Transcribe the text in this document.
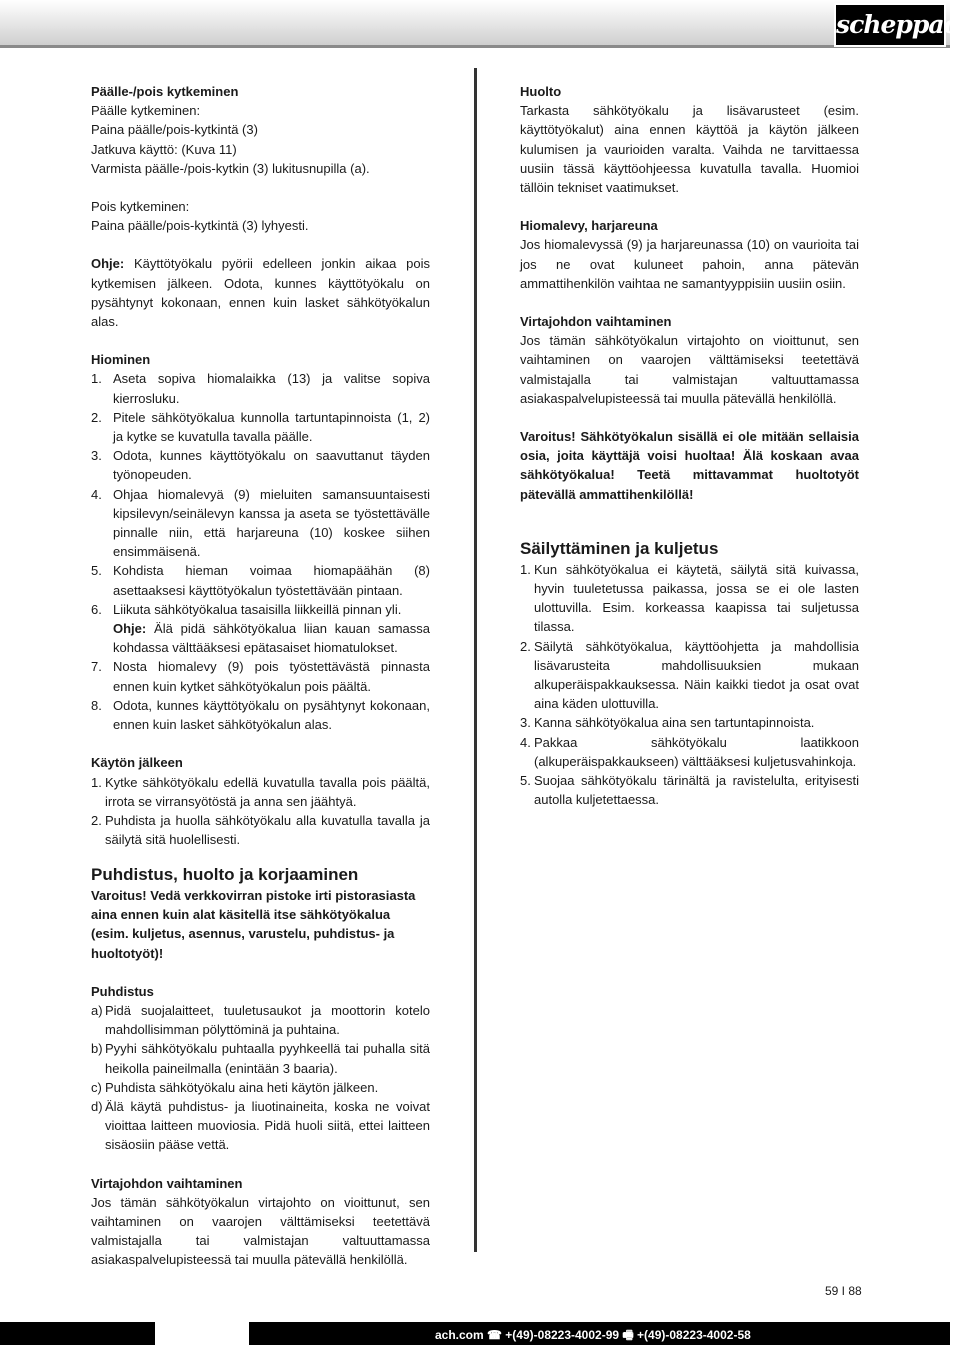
scheppach

Päälle-/pois kytkeminen

Päälle kytkeminen:

Paina päälle/pois-kytkintä (3)

Jatkuva käyttö: (Kuva 11)

Varmista päälle-/pois-kytkin (3) lukitusnupilla (a).

Pois kytkeminen:

Paina päälle/pois-kytkintä (3) lyhyesti.

Ohje: Käyttötyökalu pyörii edelleen jonkin aikaa pois kytkemisen jälkeen. Odota, kunnes käyttötyökalu on pysähtynyt kokonaan, ennen kuin lasket sähkötyökalun alas.

Hiominen

1. Aseta sopiva hiomalaikka (13) ja valitse sopiva kierrosluku.
2. Pitele sähkötyökalua kunnolla tartuntapinnoista (1, 2) ja kytke se kuvatulla tavalla päälle.
3. Odota, kunnes käyttötyökalu on saavuttanut täyden työnopeuden.
4. Ohjaa hiomalevyä (9) mieluiten samansuuntaisesti kipsilevyn/seinälevyn kanssa ja aseta se työstettävälle pinnalle niin, että harjareuna (10) koskee siihen ensimmäisenä.
5. Kohdista hieman voimaa hiomapäähän (8) asettaaksesi käyttötyökalun työstettävään pintaan.
6. Liikuta sähkötyökalua tasaisilla liikkeillä pinnan yli.
Ohje: Älä pidä sähkötyökalua liian kauan samassa kohdassa välttääksesi epätasaiset hiomatulokset.
7. Nosta hiomalevy (9) pois työstettävästä pinnasta ennen kuin kytket sähkötyökalun pois päältä.
8. Odota, kunnes käyttötyökalu on pysähtynyt kokonaan, ennen kuin lasket sähkötyökalun alas.

Käytön jälkeen

1. Kytke sähkötyökalu edellä kuvatulla tavalla pois päältä, irrota se virransyötöstä ja anna sen jäähtyä.
2. Puhdista ja huolla sähkötyökalu alla kuvatulla tavalla ja säilytä sitä huolellisesti.

Puhdistus, huolto ja korjaaminen

Varoitus! Vedä verkkovirran pistoke irti pistorasiasta aina ennen kuin alat käsitellä itse sähkötyökalua (esim. kuljetus, asennus, varustelu, puhdistus- ja huoltotyöt)!

Puhdistus

a) Pidä suojalaitteet, tuuletusaukot ja moottorin kotelo mahdollisimman pölyttöminä ja puhtaina.
b) Pyyhi sähkötyökalu puhtaalla pyyhkeellä tai puhalla sitä heikolla paineilmalla (enintään 3 baaria).
c) Puhdista sähkötyökalu aina heti käytön jälkeen.
d) Älä käytä puhdistus- ja liuotinaineita, koska ne voivat vioittaa laitteen muoviosia. Pidä huoli siitä, ettei laitteen sisäosiin pääse vettä.

Virtajohdon vaihtaminen

Jos tämän sähkötyökalun virtajohto on vioittunut, sen vaihtaminen on vaarojen välttämiseksi teetettävä valmistajalla tai valmistajan valtuuttamassa asiakaspalvelupisteessä tai muulla pätevällä henkilöllä.

Huolto

Tarkasta sähkötyökalu ja lisävarusteet (esim. käyttötyökalut) aina ennen käyttöä ja käytön jälkeen kulumisen ja vaurioiden varalta. Vaihda ne tarvittaessa uusiin tässä käyttöohjeessa kuvatulla tavalla. Huomioi tällöin tekniset vaatimukset.

Hiomalevy, harjareuna

Jos hiomalevyssä (9) ja harjareunassa (10) on vaurioita tai jos ne ovat kuluneet pahoin, anna pätevän ammattihenkilön vaihtaa ne samantyyppisiin uusiin osiin.

Virtajohdon vaihtaminen

Jos tämän sähkötyökalun virtajohto on vioittunut, sen vaihtaminen on vaarojen välttämiseksi teetettävä valmistajalla tai valmistajan valtuuttamassa asiakaspalvelupisteessä tai muulla pätevällä henkilöllä.

Varoitus! Sähkötyökalun sisällä ei ole mitään sellaisia osia, joita käyttäjä voisi huoltaa! Älä koskaan avaa sähkötyökalua! Teetä mittavammat huoltotyöt pätevällä ammattihenkilöllä!

Säilyttäminen ja kuljetus

1. Kun sähkötyökalua ei käytetä, säilytä sitä kuivassa, hyvin tuuletetussa paikassa, jossa se ei ole lasten ulottuvilla. Esim. korkeassa kaapissa tai suljetussa tilassa.
2. Säilytä sähkötyökalua, käyttöohjetta ja mahdollisia lisävarusteita mahdollisuuksien mukaan alkuperäispakkauksessa. Näin kaikki tiedot ja osat ovat aina käden ulottuvilla.
3. Kanna sähkötyökalua aina sen tartuntapinnoista.
4. Pakkaa sähkötyökalu laatikkoon (alkuperäispakkaukseen) välttääksesi kuljetusvahinkoja.
5. Suojaa sähkötyökalu tärinältä ja ravistelulta, erityisesti autolla kuljetettaessa.
59 I 88
ach.com ☎ +(49)-08223-4002-99 🖷 +(49)-08223-4002-58
